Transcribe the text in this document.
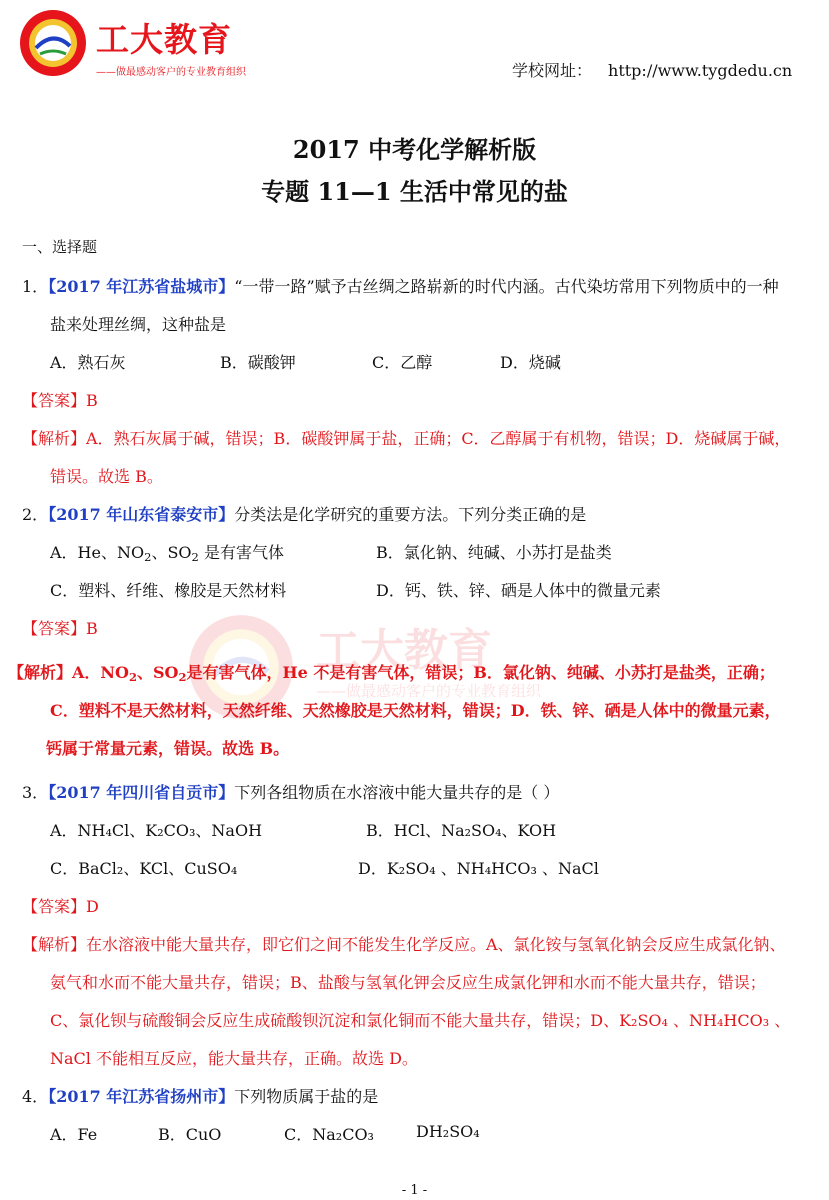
工大教育
——做最感动客户的专业教育组织	学校网址： http://www.tygdedu.cn
工大教育
——做最感动客户的专业教育组织
2017 中考化学解析版
专题 11—1 生活中常见的盐
一、选择题
1．【2017 年江苏省盐城市】“一带一路”赋予古丝绸之路崭新的时代内涵。古代染坊常用下列物质中的一种
盐来处理丝绸，这种盐是
A．熟石灰	B．碳酸钾	C．乙醇	D．烧碱
【答案】B
【解析】A．熟石灰属于碱，错误；B．碳酸钾属于盐，正确；C．乙醇属于有机物，错误；D．烧碱属于碱，
错误。故选 B。
2．【2017 年山东省泰安市】分类法是化学研究的重要方法。下列分类正确的是
A．He、$NO_2$、$SO_2$ 是有害气体	B．氯化钠、纯碱、小苏打是盐类
C．塑料、纤维、橡胶是天然材料	D．钙、铁、锌、硒是人体中的微量元素
【答案】B
【解析】A．$NO_2$、$SO_2$是有害气体，He 不是有害气体，错误；B．氯化钠、纯碱、小苏打是盐类，正确；
C．塑料不是天然材料，天然纤维、天然橡胶是天然材料，错误；D．铁、锌、硒是人体中的微量元素，
钙属于常量元素，错误。故选 B。
3．【2017 年四川省自贡市】下列各组物质在水溶液中能大量共存的是（ ）
A．NH₄Cl、K₂CO₃、NaOH	B．HCl、Na₂SO₄、KOH
C．BaCl₂、KCl、CuSO₄	D．K₂SO₄ 、NH₄HCO₃ 、NaCl
【答案】D
【解析】在水溶液中能大量共存，即它们之间不能发生化学反应。A、氯化铵与氢氧化钠会反应生成氯化钠、
氨气和水而不能大量共存，错误；B、盐酸与氢氧化钾会反应生成氯化钾和水而不能大量共存，错误；
C、氯化钡与硫酸铜会反应生成硫酸钡沉淀和氯化铜而不能大量共存，错误；D、K₂SO₄ 、NH₄HCO₃ 、
NaCl 不能相互反应，能大量共存，正确。故选 D。
4．【2017 年江苏省扬州市】下列物质属于盐的是
A．Fe	B．CuO	C．Na₂CO₃	DH₂SO₄
- 1 -
